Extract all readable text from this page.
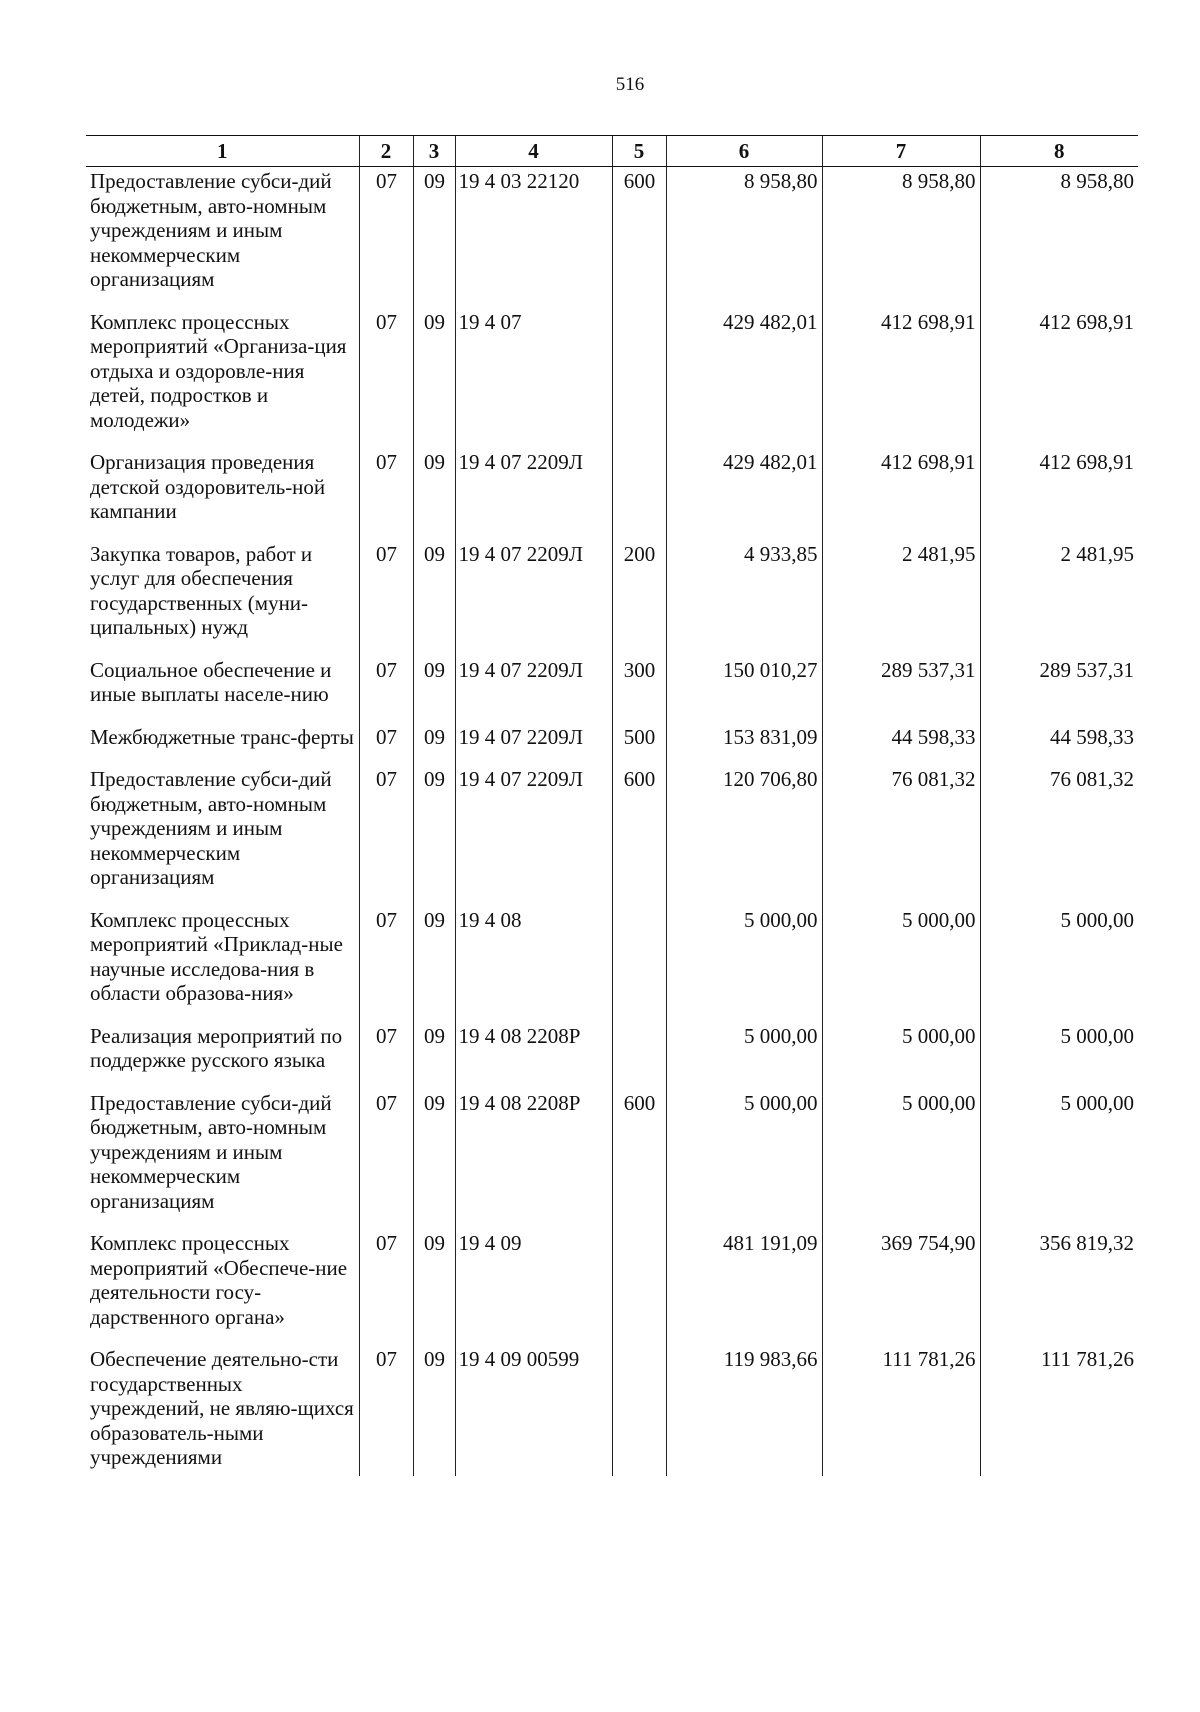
516
1	2	3	4	5	6	7	8
Предоставление субси-дий бюджетным, авто-номным учреждениям и иным некоммерческим организациям	07	09	19 4 03 22120	600	8 958,80	8 958,80	8 958,80
Комплекс процессных мероприятий «Организа-ция отдыха и оздоровле-ния детей, подростков и молодежи»	07	09	19 4 07		429 482,01	412 698,91	412 698,91
Организация проведения детской оздоровитель-ной кампании	07	09	19 4 07 2209Л		429 482,01	412 698,91	412 698,91
Закупка товаров, работ и услуг для обеспечения государственных (муни-ципальных) нужд	07	09	19 4 07 2209Л	200	4 933,85	2 481,95	2 481,95
Социальное обеспечение и иные выплаты населе-нию	07	09	19 4 07 2209Л	300	150 010,27	289 537,31	289 537,31
Межбюджетные транс-ферты	07	09	19 4 07 2209Л	500	153 831,09	44 598,33	44 598,33
Предоставление субси-дий бюджетным, авто-номным учреждениям и иным некоммерческим организациям	07	09	19 4 07 2209Л	600	120 706,80	76 081,32	76 081,32
Комплекс процессных мероприятий «Приклад-ные научные исследова-ния в области образова-ния»	07	09	19 4 08		5 000,00	5 000,00	5 000,00
Реализация мероприятий по поддержке русского языка	07	09	19 4 08 2208Р		5 000,00	5 000,00	5 000,00
Предоставление субси-дий бюджетным, авто-номным учреждениям и иным некоммерческим организациям	07	09	19 4 08 2208Р	600	5 000,00	5 000,00	5 000,00
Комплекс процессных мероприятий «Обеспече-ние деятельности госу-дарственного органа»	07	09	19 4 09		481 191,09	369 754,90	356 819,32
Обеспечение деятельно-сти государственных учреждений, не являю-щихся образователь-ными учреждениями	07	09	19 4 09 00599		119 983,66	111 781,26	111 781,26
